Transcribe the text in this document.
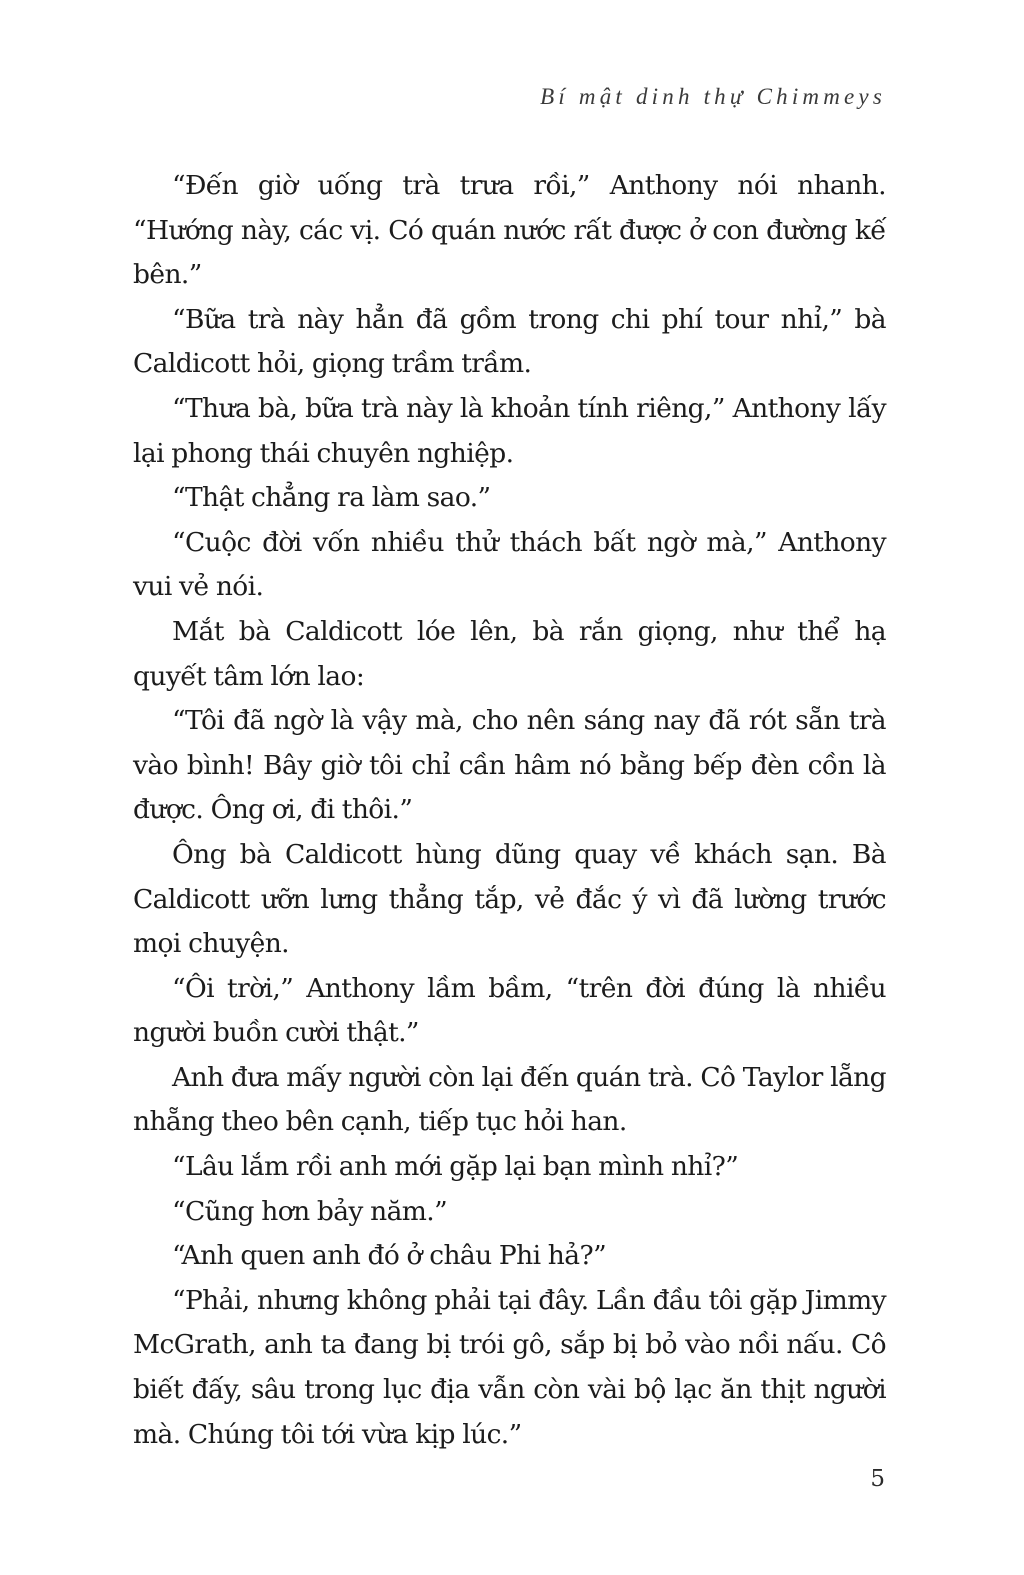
Bí mật dinh thự Chimmeys

“Đến giờ uống trà trưa rồi,” Anthony nói nhanh. “Hướng này, các vị. Có quán nước rất được ở con đường kế bên.”

“Bữa trà này hẳn đã gồm trong chi phí tour nhỉ,” bà Caldicott hỏi, giọng trầm trầm.

“Thưa bà, bữa trà này là khoản tính riêng,” Anthony lấy lại phong thái chuyên nghiệp.

“Thật chẳng ra làm sao.”

“Cuộc đời vốn nhiều thử thách bất ngờ mà,” Anthony vui vẻ nói.

Mắt bà Caldicott lóe lên, bà rắn giọng, như thể hạ quyết tâm lớn lao:

“Tôi đã ngờ là vậy mà, cho nên sáng nay đã rót sẵn trà vào bình! Bây giờ tôi chỉ cần hâm nó bằng bếp đèn cồn là được. Ông ơi, đi thôi.”

Ông bà Caldicott hùng dũng quay về khách sạn. Bà Caldicott ưỡn lưng thẳng tắp, vẻ đắc ý vì đã lường trước mọi chuyện.

“Ôi trời,” Anthony lầm bầm, “trên đời đúng là nhiều người buồn cười thật.”

Anh đưa mấy người còn lại đến quán trà. Cô Taylor lẵng nhẵng theo bên cạnh, tiếp tục hỏi han.

“Lâu lắm rồi anh mới gặp lại bạn mình nhỉ?”

“Cũng hơn bảy năm.”

“Anh quen anh đó ở châu Phi hả?”

“Phải, nhưng không phải tại đây. Lần đầu tôi gặp Jimmy McGrath, anh ta đang bị trói gô, sắp bị bỏ vào nồi nấu. Cô biết đấy, sâu trong lục địa vẫn còn vài bộ lạc ăn thịt người mà. Chúng tôi tới vừa kịp lúc.”

5
